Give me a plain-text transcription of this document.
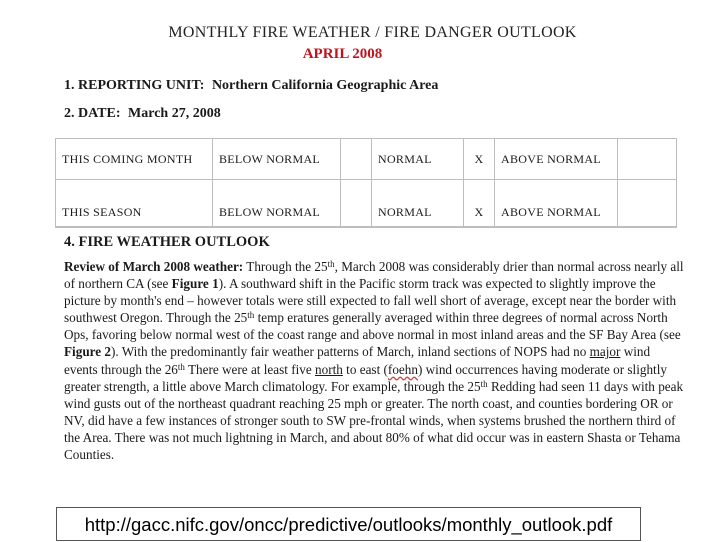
MONTHLY FIRE WEATHER / FIRE DANGER OUTLOOK
APRIL 2008
1. REPORTING UNIT: Northern California Geographic Area
2. DATE: March 27, 2008
THIS COMING MONTH	BELOW NORMAL		NORMAL	X	ABOVE NORMAL	
THIS SEASON	BELOW NORMAL		NORMAL	X	ABOVE NORMAL	
4. FIRE WEATHER OUTLOOK
Review of March 2008 weather: Through the 25th, March 2008 was considerably drier than normal across nearly all of northern CA (see Figure 1). A southward shift in the Pacific storm track was expected to slightly improve the picture by month's end – however totals were still expected to fall well short of average, except near the border with southwest Oregon. Through the 25th temp eratures generally averaged within three degrees of normal across North Ops, favoring below normal west of the coast range and above normal in most inland areas and the SF Bay Area (see Figure 2). With the predominantly fair weather patterns of March, inland sections of NOPS had no major wind events through the 26th There were at least five north to east (foehn) wind occurrences having moderate or slightly greater strength, a little above March climatology. For example, through the 25th Redding had seen 11 days with peak wind gusts out of the northeast quadrant reaching 25 mph or greater. The north coast, and counties bordering OR or NV, did have a few instances of stronger south to SW pre-frontal winds, when systems brushed the northern third of the Area. There was not much lightning in March, and about 80% of what did occur was in eastern Shasta or Tehama Counties.
http://gacc.nifc.gov/oncc/predictive/outlooks/monthly_outlook.pdf
